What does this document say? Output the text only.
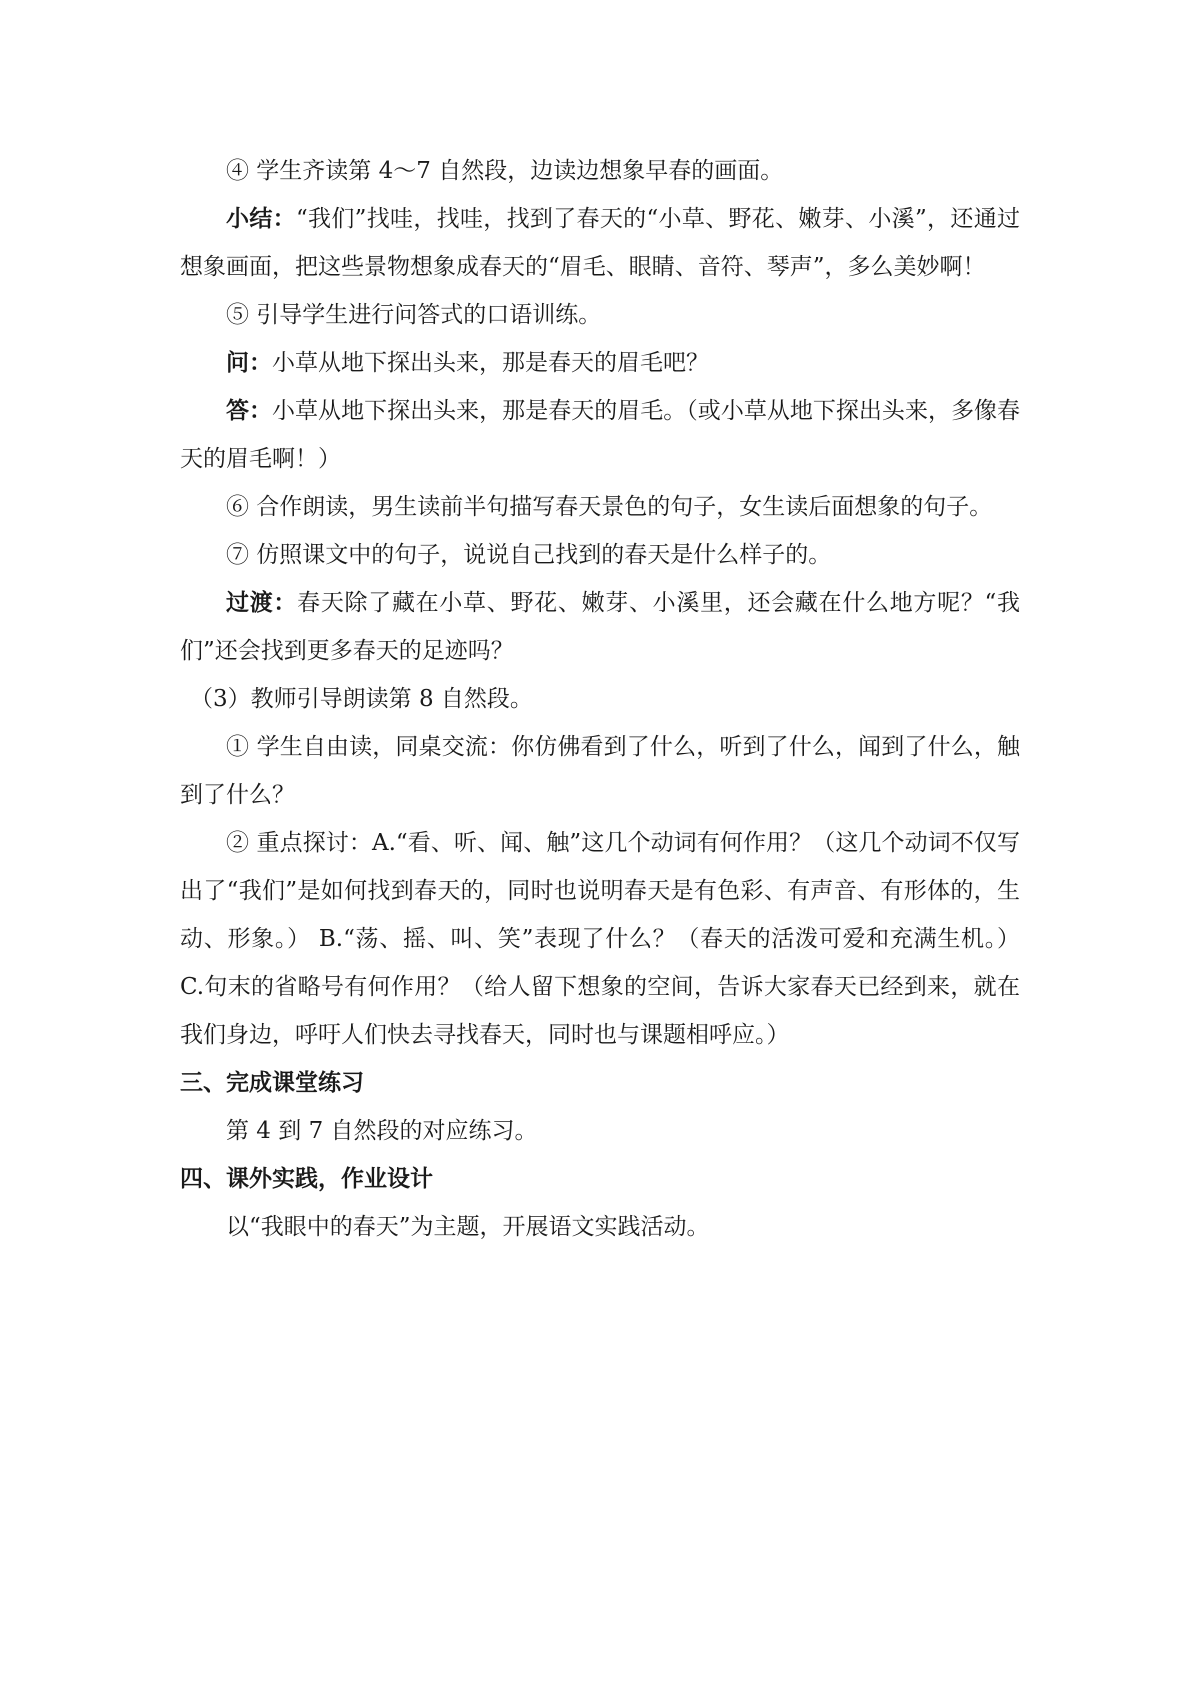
④ 学生齐读第 4～7 自然段，边读边想象早春的画面。

小结：“我们”找哇，找哇，找到了春天的“小草、野花、嫩芽、小溪”，还通过想象画面，把这些景物想象成春天的“眉毛、眼睛、音符、琴声”，多么美妙啊！

⑤ 引导学生进行问答式的口语训练。

问：小草从地下探出头来，那是春天的眉毛吧？

答：小草从地下探出头来，那是春天的眉毛。（或小草从地下探出头来，多像春天的眉毛啊！）

⑥ 合作朗读，男生读前半句描写春天景色的句子，女生读后面想象的句子。

⑦ 仿照课文中的句子，说说自己找到的春天是什么样子的。

过渡：春天除了藏在小草、野花、嫩芽、小溪里，还会藏在什么地方呢？“我们”还会找到更多春天的足迹吗？

（3）教师引导朗读第 8 自然段。

① 学生自由读，同桌交流：你仿佛看到了什么，听到了什么，闻到了什么，触到了什么？

② 重点探讨：A.“看、听、闻、触”这几个动词有何作用？（这几个动词不仅写出了“我们”是如何找到春天的，同时也说明春天是有色彩、有声音、有形体的，生动、形象。） B.“荡、摇、叫、笑”表现了什么？（春天的活泼可爱和充满生机。） C.句末的省略号有何作用？（给人留下想象的空间，告诉大家春天已经到来，就在我们身边，呼吁人们快去寻找春天，同时也与课题相呼应。）

三、完成课堂练习

第 4 到 7 自然段的对应练习。

四、课外实践，作业设计

以“我眼中的春天”为主题，开展语文实践活动。
